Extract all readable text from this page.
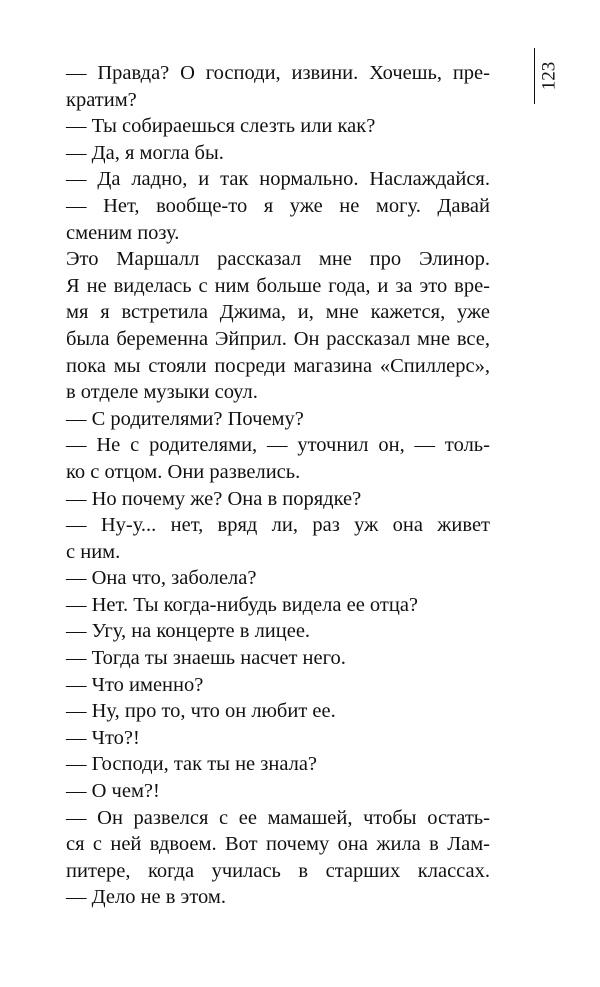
123
— Правда? О господи, извини. Хочешь, пре-
кратим?
— Ты собираешься слезть или как?
— Да, я могла бы.
— Да ладно, и так нормально. Наслаждайся.
— Нет, вообще-то я уже не могу. Давай
сменим позу.
Это Маршалл рассказал мне про Элинор.
Я не виделась с ним больше года, и за это вре-
мя я встретила Джима, и, мне кажется, уже
была беременна Эйприл. Он рассказал мне все,
пока мы стояли посреди магазина «Спиллерс»,
в отделе музыки соул.
— С родителями? Почему?
— Не с родителями, — уточнил он, — толь-
ко с отцом. Они развелись.
— Но почему же? Она в порядке?
— Ну-у... нет, вряд ли, раз уж она живет
с ним.
— Она что, заболела?
— Нет. Ты когда-нибудь видела ее отца?
— Угу, на концерте в лицее.
— Тогда ты знаешь насчет него.
— Что именно?
— Ну, про то, что он любит ее.
— Что?!
— Господи, так ты не знала?
— О чем?!
— Он развелся с ее мамашей, чтобы остать-
ся с ней вдвоем. Вот почему она жила в Лам-
питере, когда училась в старших классах.
— Дело не в этом.
